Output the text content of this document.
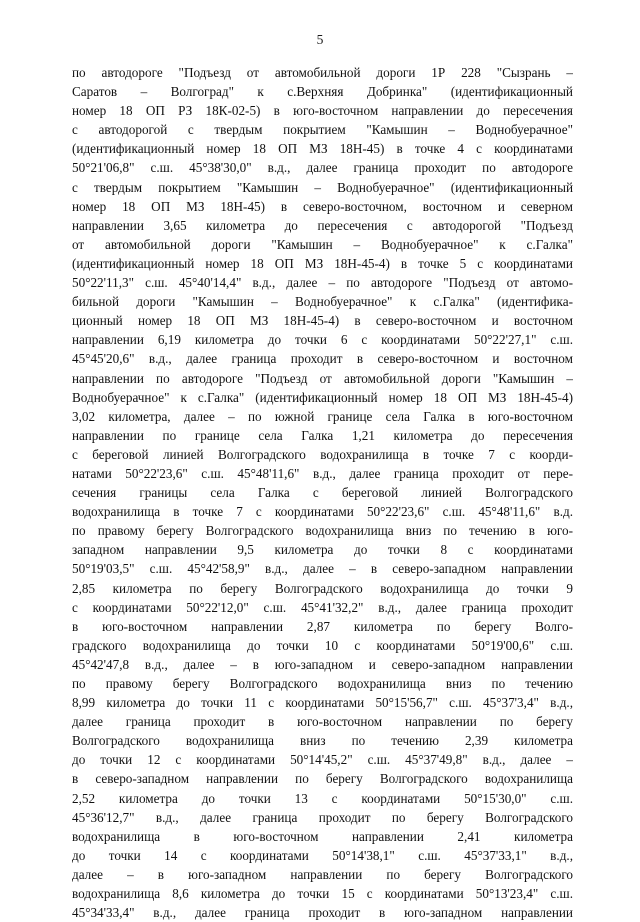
5
по автодороге "Подъезд от автомобильной дороги 1Р 228 "Сызрань –
Саратов – Волгоград" к с.Верхняя Добринка" (идентификационный
номер 18 ОП РЗ 18К-02-5) в юго-восточном направлении до пересечения
с автодорогой с твердым покрытием "Камышин – Воднобуерачное"
(идентификационный номер 18 ОП МЗ 18Н-45) в точке 4 с координатами
50°21'06,8" с.ш. 45°38'30,0" в.д., далее граница проходит по автодороге
с твердым покрытием "Камышин – Воднобуерачное" (идентификационный
номер 18 ОП МЗ 18Н-45) в северо-восточном, восточном и северном
направлении 3,65 километра до пересечения с автодорогой "Подъезд
от автомобильной дороги "Камышин – Воднобуерачное" к с.Галка"
(идентификационный номер 18 ОП МЗ 18Н-45-4) в точке 5 с координатами
50°22'11,3" с.ш. 45°40'14,4" в.д., далее – по автодороге "Подъезд от автомо-
бильной дороги "Камышин – Воднобуерачное" к с.Галка" (идентифика-
ционный номер 18 ОП МЗ 18Н-45-4) в северо-восточном и восточном
направлении 6,19 километра до точки 6 с координатами 50°22'27,1" с.ш.
45°45'20,6" в.д., далее граница проходит в северо-восточном и восточном
направлении по автодороге "Подъезд от автомобильной дороги "Камышин –
Воднобуерачное" к с.Галка" (идентификационный номер 18 ОП МЗ 18Н-45-4)
3,02 километра, далее – по южной границе села Галка в юго-восточном
направлении по границе села Галка 1,21 километра до пересечения
с береговой линией Волгоградского водохранилища в точке 7 с коорди-
натами 50°22'23,6" с.ш. 45°48'11,6" в.д., далее граница проходит от пере-
сечения границы села Галка с береговой линией Волгоградского
водохранилища в точке 7 с координатами 50°22'23,6" с.ш. 45°48'11,6" в.д.
по правому берегу Волгоградского водохранилища вниз по течению в юго-
западном направлении 9,5 километра до точки 8 с координатами
50°19'03,5" с.ш. 45°42'58,9" в.д., далее – в северо-западном направлении
2,85 километра по берегу Волгоградского водохранилища до точки 9
с координатами 50°22'12,0" с.ш. 45°41'32,2" в.д., далее граница проходит
в юго-восточном направлении 2,87 километра по берегу Волго-
градского водохранилища до точки 10 с координатами 50°19'00,6" с.ш.
45°42'47,8 в.д., далее – в юго-западном и северо-западном направлении
по правому берегу Волгоградского водохранилища вниз по течению
8,99 километра до точки 11 с координатами 50°15'56,7" с.ш. 45°37'3,4" в.д.,
далее граница проходит в юго-восточном направлении по берегу
Волгоградского водохранилища вниз по течению 2,39 километра
до точки 12 с координатами 50°14'45,2" с.ш. 45°37'49,8" в.д., далее –
в северо-западном направлении по берегу Волгоградского водохранилища
2,52 километра до точки 13 с координатами 50°15'30,0" с.ш.
45°36'12,7" в.д., далее граница проходит по берегу Волгоградского
водохранилища в юго-восточном направлении 2,41 километра
до точки 14 с координатами 50°14'38,1" с.ш. 45°37'33,1" в.д.,
далее – в юго-западном направлении по берегу Волгоградского
водохранилища 8,6 километра до точки 15 с координатами 50°13'23,4" с.ш.
45°34'33,4" в.д., далее граница проходит в юго-западном направлении
